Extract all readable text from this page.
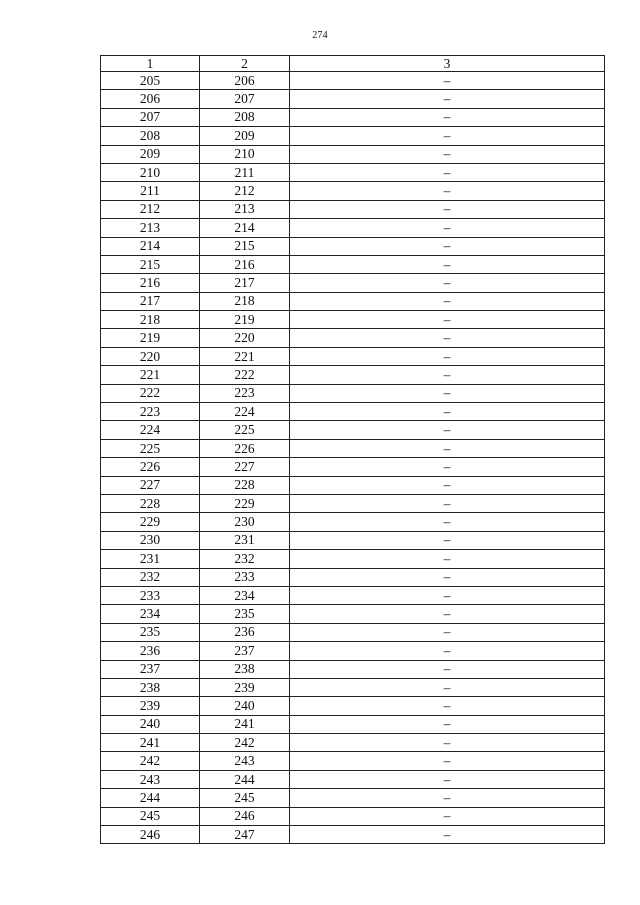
274
1	2	3
205	206	–
206	207	–
207	208	–
208	209	–
209	210	–
210	211	–
211	212	–
212	213	–
213	214	–
214	215	–
215	216	–
216	217	–
217	218	–
218	219	–
219	220	–
220	221	–
221	222	–
222	223	–
223	224	–
224	225	–
225	226	–
226	227	–
227	228	–
228	229	–
229	230	–
230	231	–
231	232	–
232	233	–
233	234	–
234	235	–
235	236	–
236	237	–
237	238	–
238	239	–
239	240	–
240	241	–
241	242	–
242	243	–
243	244	–
244	245	–
245	246	–
246	247	–
